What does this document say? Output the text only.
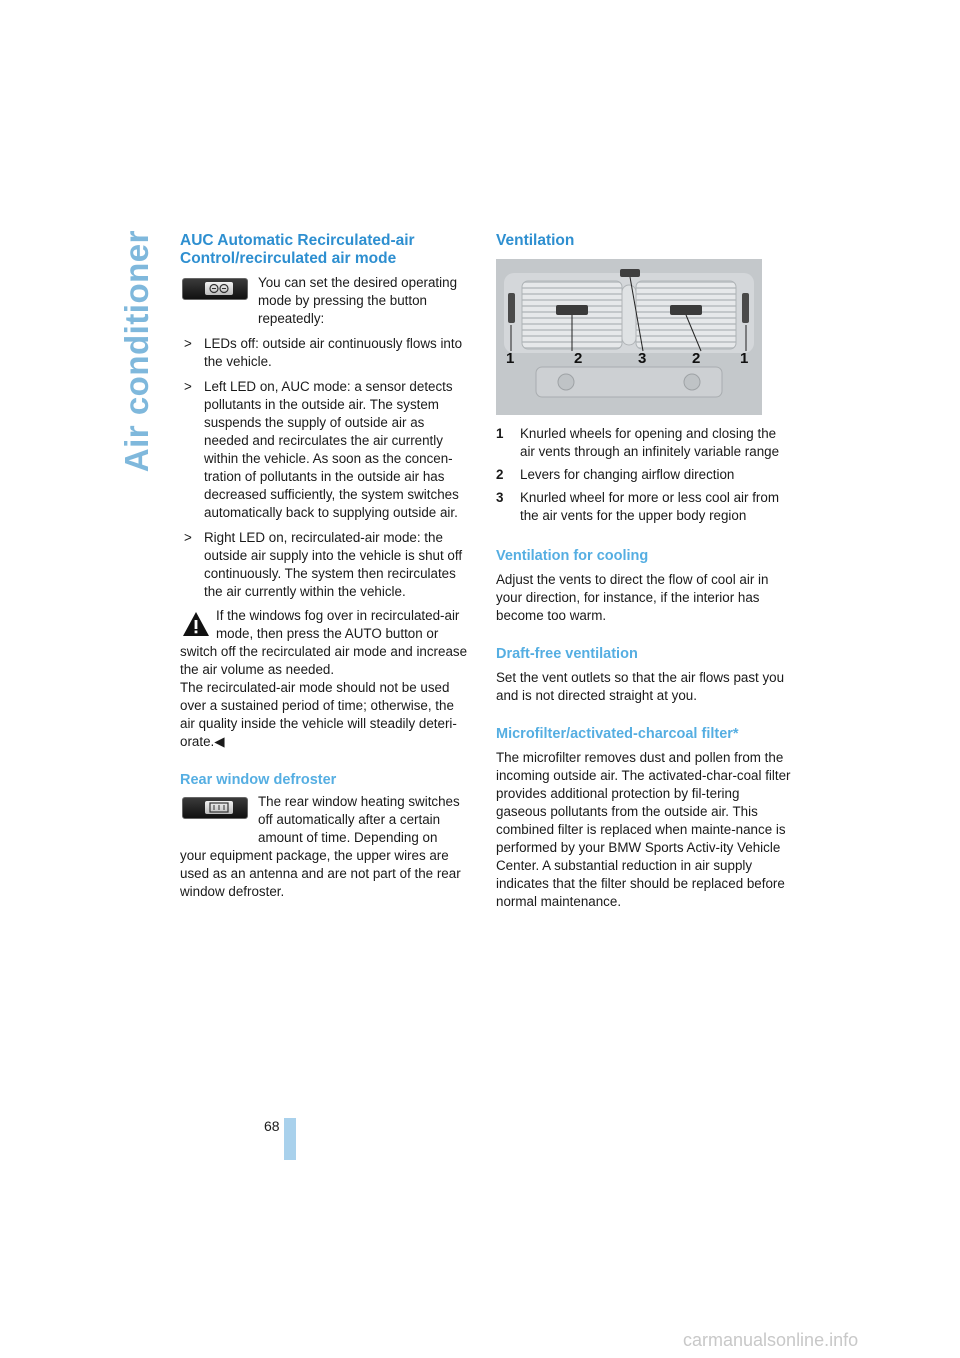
Air conditioner
68
carmanualsonline.info
AUC Automatic Recirculated-air Control/recirculated air mode

You can set the desired operating mode by pressing the button repeatedly:

> LEDs off: outside air continuously flows into the vehicle.

> Left LED on, AUC mode: a sensor detects pollutants in the outside air. The system suspends the supply of outside air as needed and recirculates the air currently within the vehicle. As soon as the concen-tration of pollutants in the outside air has decreased sufficiently, the system switches automatically back to supplying outside air.

> Right LED on, recirculated-air mode: the outside air supply into the vehicle is shut off continuously. The system then recirculates the air currently within the vehicle.

If the windows fog over in recirculated-air mode, then press the AUTO button or

switch off the recirculated air mode and increase the air volume as needed.

The recirculated-air mode should not be used over a sustained period of time; otherwise, the air quality inside the vehicle will steadily deteri-orate.◀

Rear window defroster

The rear window heating switches off automatically after a certain amount of time. Depending on

your equipment package, the upper wires are used as an antenna and are not part of the rear window defroster.

Ventilation
1	2	3	2	1
1 Knurled wheels for opening and closing the air vents through an infinitely variable range

2 Levers for changing airflow direction

3 Knurled wheel for more or less cool air from the air vents for the upper body region

Ventilation for cooling

Adjust the vents to direct the flow of cool air in your direction, for instance, if the interior has become too warm.

Draft-free ventilation

Set the vent outlets so that the air flows past you and is not directed straight at you.

Microfilter/activated-charcoal filter*

The microfilter removes dust and pollen from the incoming outside air. The activated-char-coal filter provides additional protection by fil-tering gaseous pollutants from the outside air. This combined filter is replaced when mainte-nance is performed by your BMW Sports Activ-ity Vehicle Center. A substantial reduction in air supply indicates that the filter should be replaced before normal maintenance.
